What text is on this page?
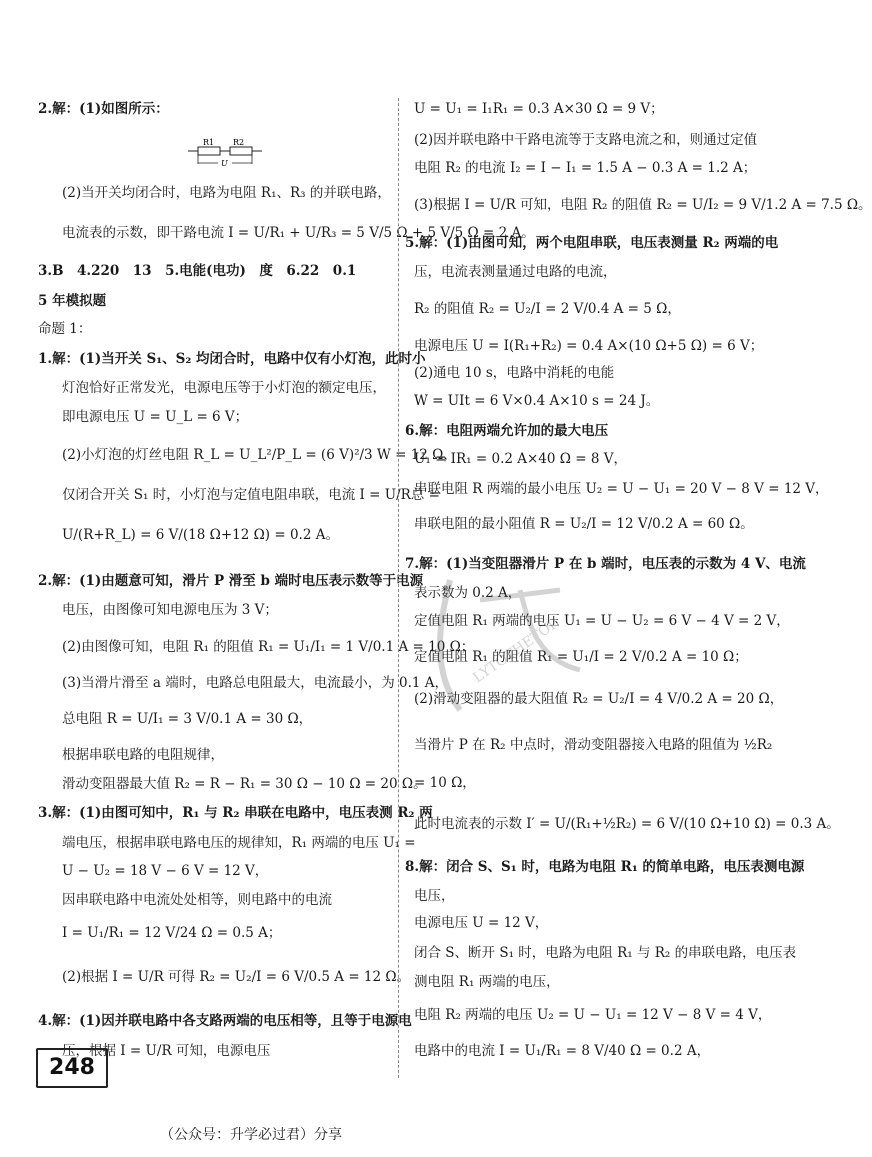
2.解：(1)如图所示：
R1 R2
U
(2)当开关均闭合时，电路为电阻 R₁、R₃ 的并联电路，
电流表的示数，即干路电流 I = U/R₁ + U/R₃ = 5 V/5 Ω + 5 V/5 Ω = 2 A。
3.B　4.220　13　5.电能(电功)　度　6.22　0.1
5 年模拟题
命题 1：
1.解：(1)当开关 S₁、S₂ 均闭合时，电路中仅有小灯泡，此时小
灯泡恰好正常发光，电源电压等于小灯泡的额定电压，
即电源电压 U = U_L = 6 V；
(2)小灯泡的灯丝电阻 R_L = U_L²/P_L = (6 V)²/3 W = 12 Ω，
仅闭合开关 S₁ 时，小灯泡与定值电阻串联，电流 I = U/R总 =
U/(R+R_L) = 6 V/(18 Ω+12 Ω) = 0.2 A。
2.解：(1)由题意可知，滑片 P 滑至 b 端时电压表示数等于电源
电压，由图像可知电源电压为 3 V；
(2)由图像可知，电阻 R₁ 的阻值 R₁ = U₁/I₁ = 1 V/0.1 A = 10 Ω；
(3)当滑片滑至 a 端时，电路总电阻最大，电流最小，为 0.1 A，
总电阻 R = U/I₁ = 3 V/0.1 A = 30 Ω，
根据串联电路的电阻规律，
滑动变阻器最大值 R₂ = R − R₁ = 30 Ω − 10 Ω = 20 Ω。
3.解：(1)由图可知中，R₁ 与 R₂ 串联在电路中，电压表测 R₂ 两
端电压，根据串联电路电压的规律知，R₁ 两端的电压 U₁ =
U − U₂ = 18 V − 6 V = 12 V，
因串联电路中电流处处相等，则电路中的电流
I = U₁/R₁ = 12 V/24 Ω = 0.5 A；
(2)根据 I = U/R 可得 R₂ = U₂/I = 6 V/0.5 A = 12 Ω。
4.解：(1)因并联电路中各支路两端的电压相等，且等于电源电
压，根据 I = U/R 可知，电源电压
U = U₁ = I₁R₁ = 0.3 A×30 Ω = 9 V；
(2)因并联电路中干路电流等于支路电流之和，则通过定值
电阻 R₂ 的电流 I₂ = I − I₁ = 1.5 A − 0.3 A = 1.2 A；
(3)根据 I = U/R 可知，电阻 R₂ 的阻值 R₂ = U/I₂ = 9 V/1.2 A = 7.5 Ω。
5.解：(1)由图可知，两个电阻串联，电压表测量 R₂ 两端的电
压，电流表测量通过电路的电流，
R₂ 的阻值 R₂ = U₂/I = 2 V/0.4 A = 5 Ω，
电源电压 U = I(R₁+R₂) = 0.4 A×(10 Ω+5 Ω) = 6 V；
(2)通电 10 s，电路中消耗的电能
W = UIt = 6 V×0.4 A×10 s = 24 J。
6.解：电阻两端允许加的最大电压
U₁ = IR₁ = 0.2 A×40 Ω = 8 V，
串联电阻 R 两端的最小电压 U₂ = U − U₁ = 20 V − 8 V = 12 V，
串联电阻的最小阻值 R = U₂/I = 12 V/0.2 A = 60 Ω。
7.解：(1)当变阻器滑片 P 在 b 端时，电压表的示数为 4 V、电流
表示数为 0.2 A，
定值电阻 R₁ 两端的电压 U₁ = U − U₂ = 6 V − 4 V = 2 V，
定值电阻 R₁ 的阻值 R₁ = U₁/I = 2 V/0.2 A = 10 Ω；
(2)滑动变阻器的最大阻值 R₂ = U₂/I = 4 V/0.2 A = 20 Ω，
当滑片 P 在 R₂ 中点时，滑动变阻器接入电路的阻值为 ½R₂
= 10 Ω，
此时电流表的示数 I′ = U/(R₁+½R₂) = 6 V/(10 Ω+10 Ω) = 0.3 A。
8.解：闭合 S、S₁ 时，电路为电阻 R₁ 的简单电路，电压表测电源
电压，
电源电压 U = 12 V，
闭合 S、断开 S₁ 时，电路为电阻 R₁ 与 R₂ 的串联电路，电压表
测电阻 R₁ 两端的电压，
电阻 R₂ 两端的电压 U₂ = U − U₁ = 12 V − 8 V = 4 V，
电路中的电流 I = U₁/R₁ = 8 V/40 Ω = 0.2 A，
LYTOTHETOP
248
（公众号：升学必过君）分享
